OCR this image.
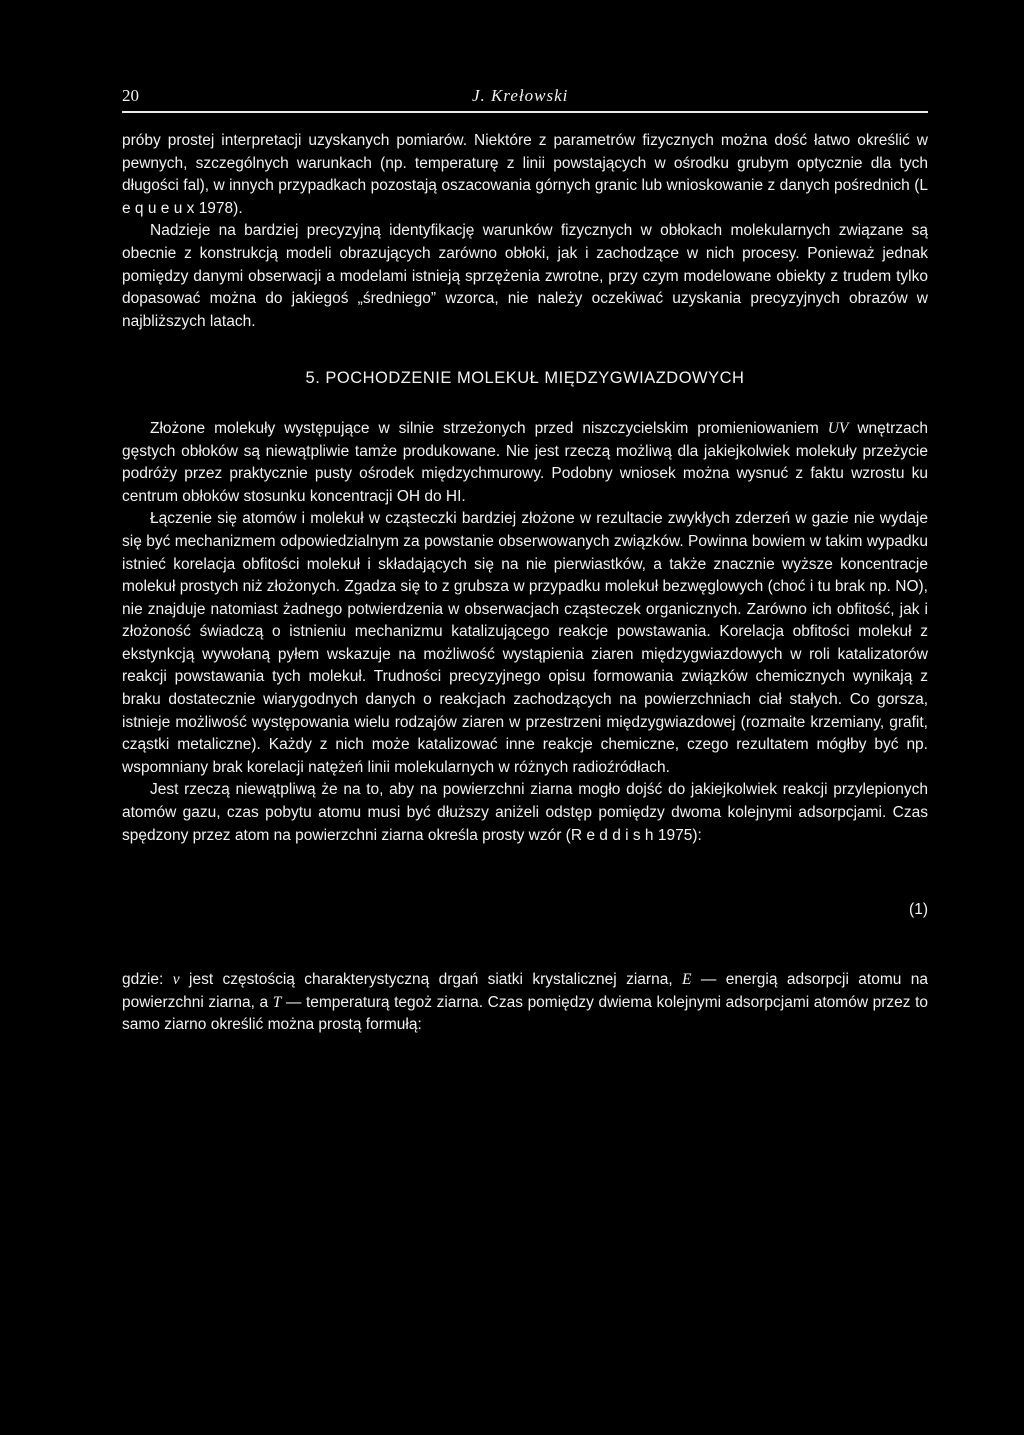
20	J. Krełowski

próby prostej interpretacji uzyskanych pomiarów. Niektóre z parametrów fizycznych można dość łatwo określić w pewnych, szczególnych warunkach (np. temperaturę z linii powstających w ośrodku grubym optycznie dla tych długości fal), w innych przypadkach pozostają oszacowania górnych granic lub wnioskowanie z danych pośrednich (L e q u e u x 1978).

Nadzieje na bardziej precyzyjną identyfikację warunków fizycznych w obłokach molekularnych związane są obecnie z konstrukcją modeli obrazujących zarówno obłoki, jak i zachodzące w nich procesy. Ponieważ jednak pomiędzy danymi obserwacji a modelami istnieją sprzężenia zwrotne, przy czym modelowane obiekty z trudem tylko dopasować można do jakiegoś „średniego” wzorca, nie należy oczekiwać uzyskania precyzyjnych obrazów w najbliższych latach.

5. POCHODZENIE MOLEKUŁ MIĘDZYGWIAZDOWYCH

Złożone molekuły występujące w silnie strzeżonych przed niszczycielskim promieniowaniem UV wnętrzach gęstych obłoków są niewątpliwie tamże produkowane. Nie jest rzeczą możliwą dla jakiejkolwiek molekuły przeżycie podróży przez praktycznie pusty ośrodek międzychmurowy. Podobny wniosek można wysnuć z faktu wzrostu ku centrum obłoków stosunku koncentracji OH do HI.

Łączenie się atomów i molekuł w cząsteczki bardziej złożone w rezultacie zwykłych zderzeń w gazie nie wydaje się być mechanizmem odpowiedzialnym za powstanie obserwowanych związków. Powinna bowiem w takim wypadku istnieć korelacja obfitości molekuł i składających się na nie pierwiastków, a także znacznie wyższe koncentracje molekuł prostych niż złożonych. Zgadza się to z grubsza w przypadku molekuł bezwęglowych (choć i tu brak np. NO), nie znajduje natomiast żadnego potwierdzenia w obserwacjach cząsteczek organicznych. Zarówno ich obfitość, jak i złożoność świadczą o istnieniu mechanizmu katalizującego reakcje powstawania. Korelacja obfitości molekuł z ekstynkcją wywołaną pyłem wskazuje na możliwość wystąpienia ziaren międzygwiazdowych w roli katalizatorów reakcji powstawania tych molekuł. Trudności precyzyjnego opisu formowania związków chemicznych wynikają z braku dostatecznie wiarygodnych danych o reakcjach zachodzących na powierzchniach ciał stałych. Co gorsza, istnieje możliwość występowania wielu rodzajów ziaren w przestrzeni międzygwiazdowej (rozmaite krzemiany, grafit, cząstki metaliczne). Każdy z nich może katalizować inne reakcje chemiczne, czego rezultatem mógłby być np. wspomniany brak korelacji natężeń linii molekularnych w różnych radioźródłach.

Jest rzeczą niewątpliwą że na to, aby na powierzchni ziarna mogło dojść do jakiejkolwiek reakcji przylepionych atomów gazu, czas pobytu atomu musi być dłuższy aniżeli odstęp pomiędzy dwoma kolejnymi adsorpcjami. Czas spędzony przez atom na powierzchni ziarna określa prosty wzór (R e d d i s h 1975):

(1)

gdzie: ν jest częstością charakterystyczną drgań siatki krystalicznej ziarna, E — energią adsorpcji atomu na powierzchni ziarna, a T — temperaturą tegoż ziarna. Czas pomiędzy dwiema kolejnymi adsorpcjami atomów przez to samo ziarno określić można prostą formułą:
